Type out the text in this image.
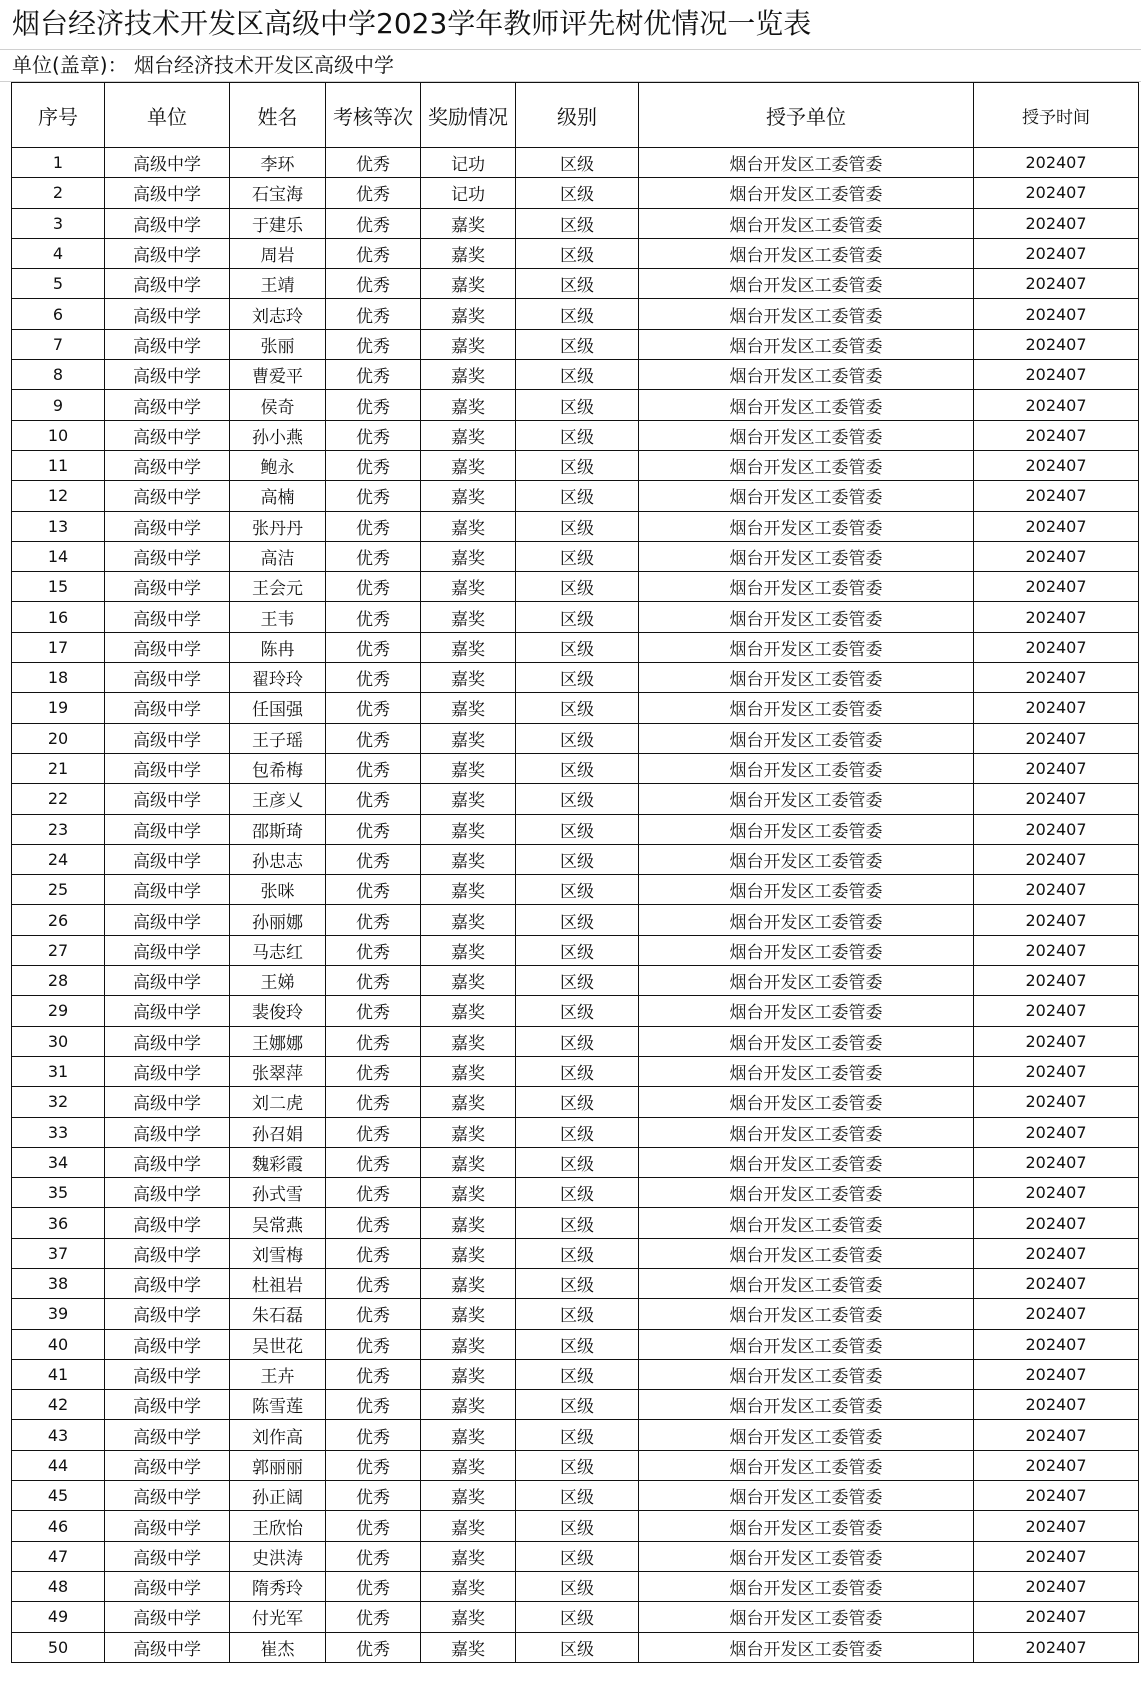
烟台经济技术开发区高级中学2023学年教师评先树优情况一览表
单位(盖章)： 烟台经济技术开发区高级中学
序号	单位	姓名	考核等次	奖励情况	级别	授予单位	授予时间
1	高级中学	李环	优秀	记功	区级	烟台开发区工委管委	202407
2	高级中学	石宝海	优秀	记功	区级	烟台开发区工委管委	202407
3	高级中学	于建乐	优秀	嘉奖	区级	烟台开发区工委管委	202407
4	高级中学	周岩	优秀	嘉奖	区级	烟台开发区工委管委	202407
5	高级中学	王靖	优秀	嘉奖	区级	烟台开发区工委管委	202407
6	高级中学	刘志玲	优秀	嘉奖	区级	烟台开发区工委管委	202407
7	高级中学	张丽	优秀	嘉奖	区级	烟台开发区工委管委	202407
8	高级中学	曹爱平	优秀	嘉奖	区级	烟台开发区工委管委	202407
9	高级中学	侯奇	优秀	嘉奖	区级	烟台开发区工委管委	202407
10	高级中学	孙小燕	优秀	嘉奖	区级	烟台开发区工委管委	202407
11	高级中学	鲍永	优秀	嘉奖	区级	烟台开发区工委管委	202407
12	高级中学	高楠	优秀	嘉奖	区级	烟台开发区工委管委	202407
13	高级中学	张丹丹	优秀	嘉奖	区级	烟台开发区工委管委	202407
14	高级中学	高洁	优秀	嘉奖	区级	烟台开发区工委管委	202407
15	高级中学	王会元	优秀	嘉奖	区级	烟台开发区工委管委	202407
16	高级中学	王韦	优秀	嘉奖	区级	烟台开发区工委管委	202407
17	高级中学	陈冉	优秀	嘉奖	区级	烟台开发区工委管委	202407
18	高级中学	翟玲玲	优秀	嘉奖	区级	烟台开发区工委管委	202407
19	高级中学	任国强	优秀	嘉奖	区级	烟台开发区工委管委	202407
20	高级中学	王子瑶	优秀	嘉奖	区级	烟台开发区工委管委	202407
21	高级中学	包希梅	优秀	嘉奖	区级	烟台开发区工委管委	202407
22	高级中学	王彦乂	优秀	嘉奖	区级	烟台开发区工委管委	202407
23	高级中学	邵斯琦	优秀	嘉奖	区级	烟台开发区工委管委	202407
24	高级中学	孙忠志	优秀	嘉奖	区级	烟台开发区工委管委	202407
25	高级中学	张咪	优秀	嘉奖	区级	烟台开发区工委管委	202407
26	高级中学	孙丽娜	优秀	嘉奖	区级	烟台开发区工委管委	202407
27	高级中学	马志红	优秀	嘉奖	区级	烟台开发区工委管委	202407
28	高级中学	王娣	优秀	嘉奖	区级	烟台开发区工委管委	202407
29	高级中学	裴俊玲	优秀	嘉奖	区级	烟台开发区工委管委	202407
30	高级中学	王娜娜	优秀	嘉奖	区级	烟台开发区工委管委	202407
31	高级中学	张翠萍	优秀	嘉奖	区级	烟台开发区工委管委	202407
32	高级中学	刘二虎	优秀	嘉奖	区级	烟台开发区工委管委	202407
33	高级中学	孙召娟	优秀	嘉奖	区级	烟台开发区工委管委	202407
34	高级中学	魏彩霞	优秀	嘉奖	区级	烟台开发区工委管委	202407
35	高级中学	孙式雪	优秀	嘉奖	区级	烟台开发区工委管委	202407
36	高级中学	吴常燕	优秀	嘉奖	区级	烟台开发区工委管委	202407
37	高级中学	刘雪梅	优秀	嘉奖	区级	烟台开发区工委管委	202407
38	高级中学	杜祖岩	优秀	嘉奖	区级	烟台开发区工委管委	202407
39	高级中学	朱石磊	优秀	嘉奖	区级	烟台开发区工委管委	202407
40	高级中学	吴世花	优秀	嘉奖	区级	烟台开发区工委管委	202407
41	高级中学	王卉	优秀	嘉奖	区级	烟台开发区工委管委	202407
42	高级中学	陈雪莲	优秀	嘉奖	区级	烟台开发区工委管委	202407
43	高级中学	刘作高	优秀	嘉奖	区级	烟台开发区工委管委	202407
44	高级中学	郭丽丽	优秀	嘉奖	区级	烟台开发区工委管委	202407
45	高级中学	孙正阔	优秀	嘉奖	区级	烟台开发区工委管委	202407
46	高级中学	王欣怡	优秀	嘉奖	区级	烟台开发区工委管委	202407
47	高级中学	史洪涛	优秀	嘉奖	区级	烟台开发区工委管委	202407
48	高级中学	隋秀玲	优秀	嘉奖	区级	烟台开发区工委管委	202407
49	高级中学	付光军	优秀	嘉奖	区级	烟台开发区工委管委	202407
50	高级中学	崔杰	优秀	嘉奖	区级	烟台开发区工委管委	202407
